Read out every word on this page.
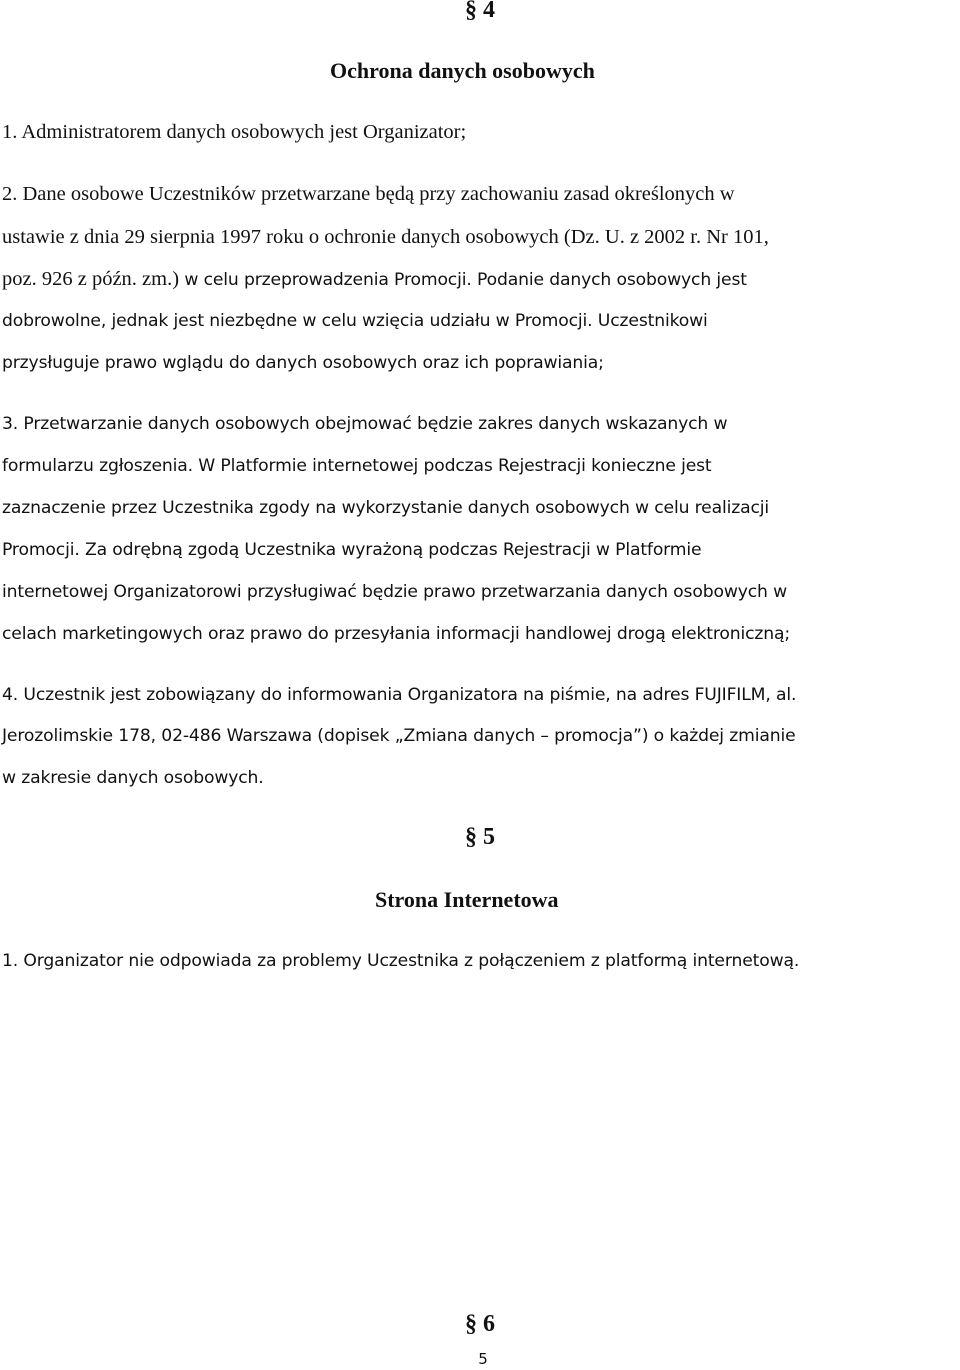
§ 4
Ochrona danych osobowych
1. Administratorem danych osobowych jest Organizator;
2. Dane osobowe Uczestników przetwarzane będą przy zachowaniu zasad określonych w
ustawie z dnia 29 sierpnia 1997 roku o ochronie danych osobowych (Dz. U. z 2002 r. Nr 101,
poz. 926 z późn. zm.) w celu przeprowadzenia Promocji. Podanie danych osobowych jest
dobrowolne, jednak jest niezbędne w celu wzięcia udziału w Promocji. Uczestnikowi
przysługuje prawo wglądu do danych osobowych oraz ich poprawiania;
3. Przetwarzanie danych osobowych obejmować będzie zakres danych wskazanych w
formularzu zgłoszenia. W Platformie internetowej podczas Rejestracji konieczne jest
zaznaczenie przez Uczestnika zgody na wykorzystanie danych osobowych w celu realizacji
Promocji. Za odrębną zgodą Uczestnika wyrażoną podczas Rejestracji w Platformie
internetowej Organizatorowi przysługiwać będzie prawo przetwarzania danych osobowych w
celach marketingowych oraz prawo do przesyłania informacji handlowej drogą elektroniczną;
4. Uczestnik jest zobowiązany do informowania Organizatora na piśmie, na adres FUJIFILM, al.
Jerozolimskie 178, 02-486 Warszawa (dopisek „Zmiana danych – promocja”) o każdej zmianie
w zakresie danych osobowych.
§ 5
Strona Internetowa
1. Organizator nie odpowiada za problemy Uczestnika z połączeniem z platformą internetową.
§ 6
5
